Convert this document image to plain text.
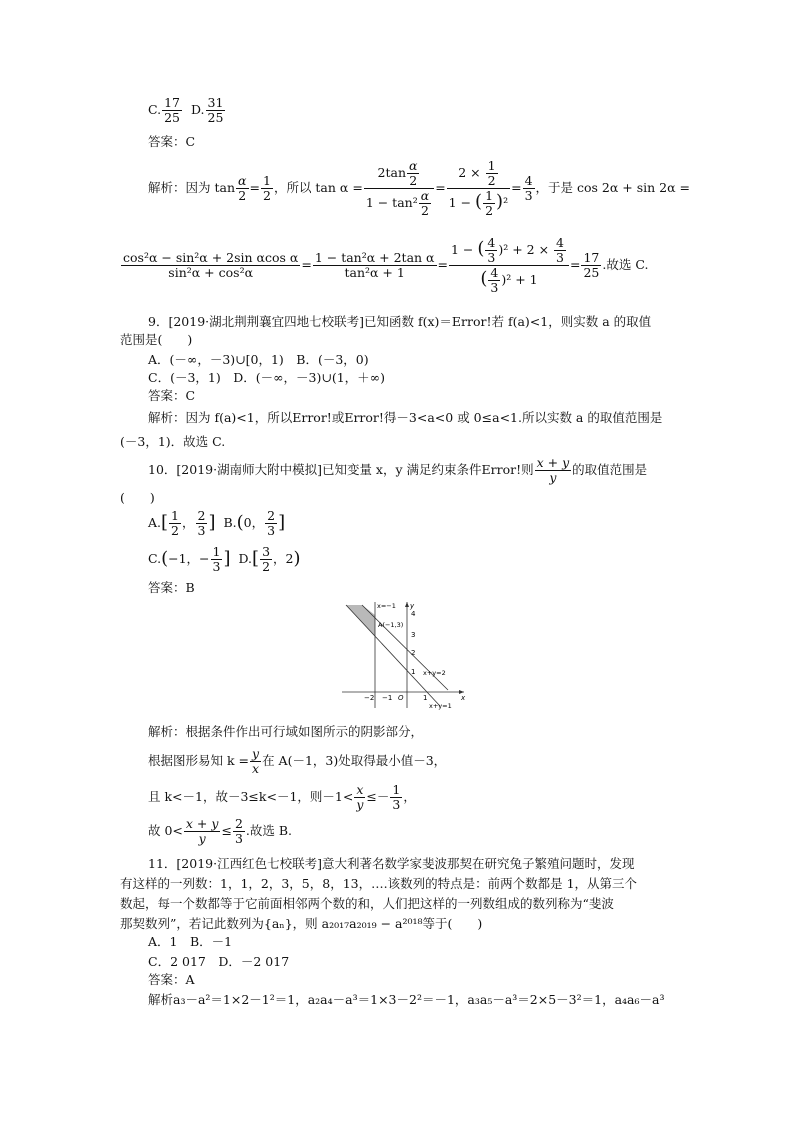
C. $\frac{17}{25} D$. $\frac{31}{25}$
答案：C
解析： 因为
$\tan \frac{\alpha}{2} = \frac{1}{2}$ ，所以 $\tan \alpha = \frac{2\tan \frac{\alpha}{2}}{1 - \tan^2 \frac{\alpha}{2}} = \frac{2 \times \frac{1}{2}}{1 - ( \frac{1}{2} )^2} = \frac{4}{3}$ ，于是 cos 2α + sin 2α =
$\frac{\text{cos²α − sin²α + 2sin αcos α}}{\text{sin²α + cos²α}} = \frac{\text{1 − tan²α + 2tan α}}{\text{tan²α + 1}} = \frac{1 - ( \frac{4}{3} )^2 + 2 \times \frac{4}{3}}{( \frac{4}{3} )^2 + 1} = \frac{17}{25}$ . 故选 C.
9．[2019·湖北荆荆襄宜四地七校联考]已知函数 f(x)＝Error!若 f(a)<1，则实数 a 的取值
范围是(　　)
A．(－∞，－3)∪[0，1)　B．(－3，0)
C．(－3，1)　D．(－∞，－3)∪(1，＋∞)
答案：C
解析：因为 f(a)<1，所以Error!或Error!得－3<a<0 或 0≤a<1.所以实数 a 的取值范围是
(－3，1)．故选 C.
10．[2019·湖南师大附中模拟]已知变量 x，y 满足约束条件Error!则 $\frac{x + y}{y}$ 的取值范围是
(　　)
A. [ $\frac{1}{2}$ ， $\frac{2}{3}$ ]
B. ( 0， $\frac{2}{3}$ ]
C. ( −1，− $\frac{1}{3}$ ]
D. [ $\frac{3}{2}$ ，2 )
答案：B
x=−1 y
x
A(−1,3)
x+y=2
x+y=1
O
4
3
2
1
−2 −1	1
解析：根据条件作出可行域如图所示的阴影部分，
根据图形易知 $k = \frac{y}{x}$ 在 A(－1，3)处取得最小值－3，
且 k<－1，故－3≤k<－1，则$-1< \frac{x}{y} \le- \frac{1}{3}$ ，
故 $0< \frac{x + y}{y} \le \frac{2}{3}$ .故选 B.
11．[2019·江西红色七校联考]意大利著名数学家斐波那契在研究兔子繁殖问题时，发现
有这样的一列数：1，1，2，3，5，8，13，….该数列的特点是：前两个数都是 1，从第三个
数起，每一个数都等于它前面相邻两个数的和，人们把这样的一列数组成的数列称为“斐波
那契数列”，若记此数列为{aₙ}，则 a₂₀₁₇a₂₀₁₉ − a²⁰¹⁸等于(　　)
A．1　B．－1
C．2 017　D．－2 017
答案：A
解析a₃－a²＝1×2－1²＝1，a₂a₄－a³＝1×3－2²＝－1，a₃a₅－a³＝2×5－3²＝1，a₄a₆－a³
